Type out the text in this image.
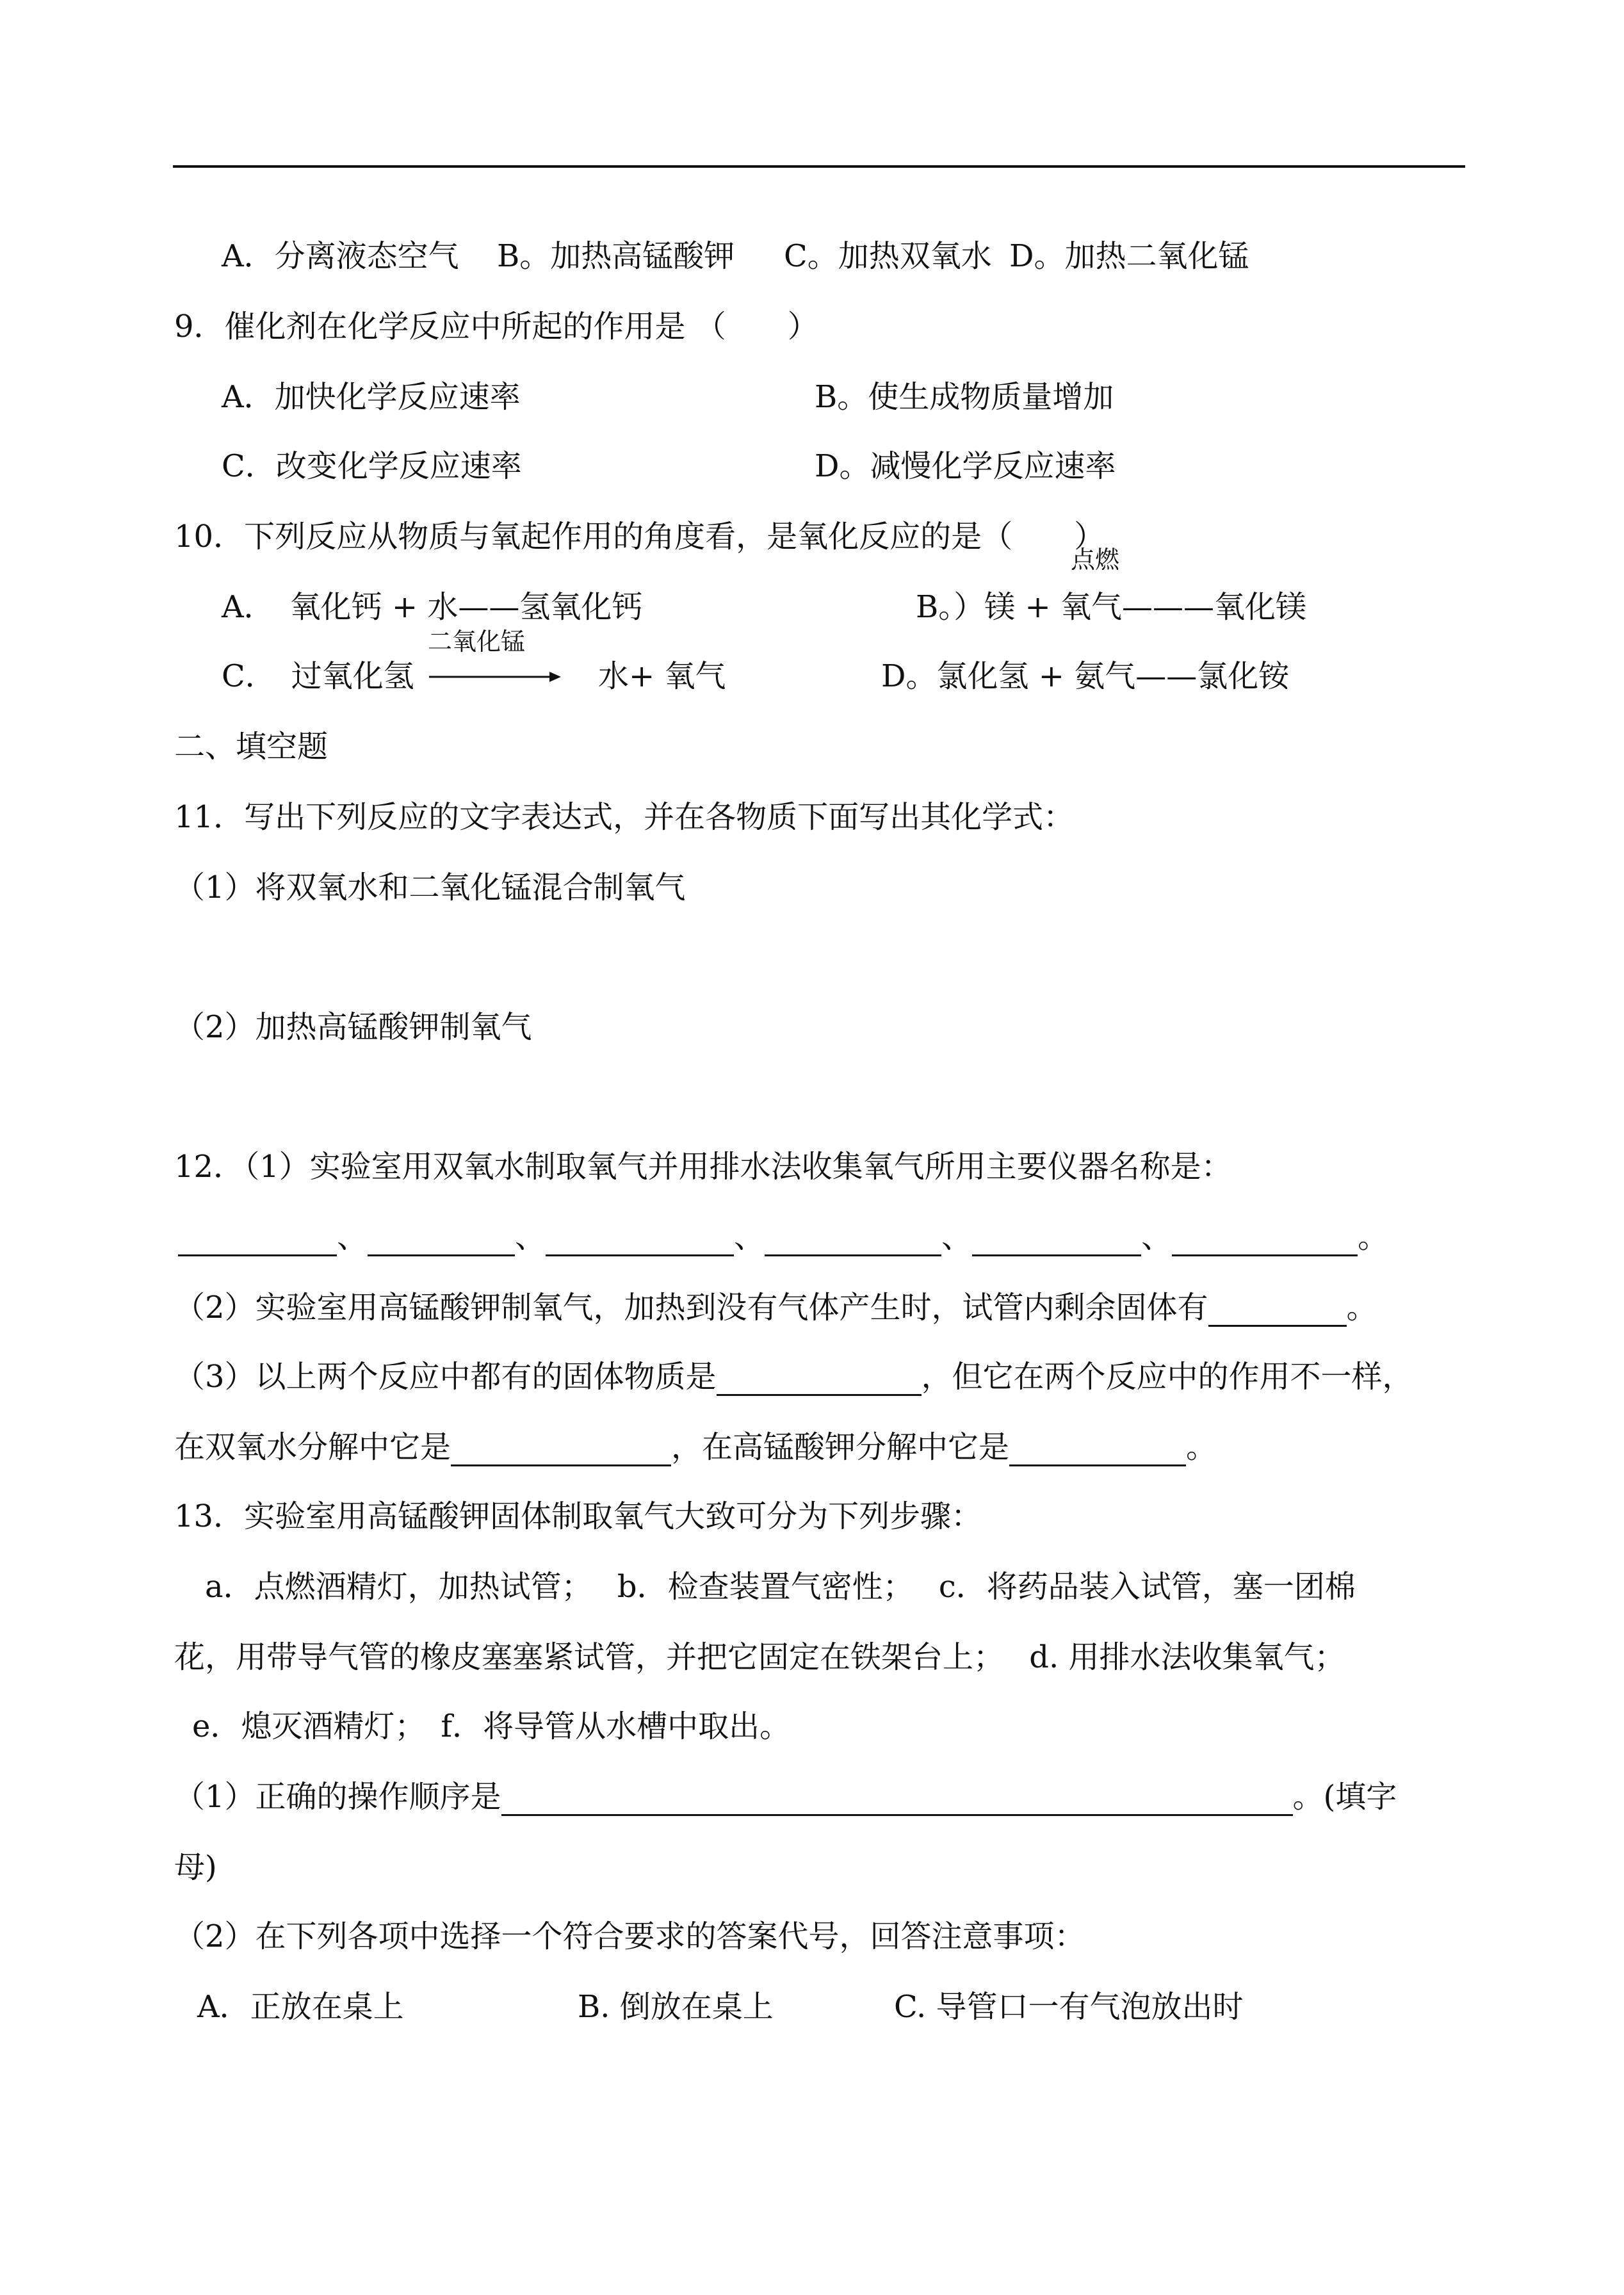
A．分离液态空气 B。加热高锰酸钾 C。加热双氧水 D。加热二氧化锰
9．催化剂在化学反应中所起的作用是 （　　）
A．加快化学反应速率	B。使生成物质量增加
C．改变化学反应速率	D。减慢化学反应速率
10．下列反应从物质与氧起作用的角度看，是氧化反应的是（　　）
A．　氧化钙 + 水——氢氧化钙
点燃
B。）镁 + 氧气———氧化镁
二氧化锰
C．　过氧化氢	水+ 氧气	D。氯化氢 + 氨气——氯化铵
二、填空题
11．写出下列反应的文字表达式，并在各物质下面写出其化学式：
（1）将双氧水和二氧化锰混合制氧气
（2）加热高锰酸钾制氧气
12．（1）实验室用双氧水制取氧气并用排水法收集氧气所用主要仪器名称是：
、	、	、	、	、	。
（2）实验室用高锰酸钾制氧气，加热到没有气体产生时，试管内剩余固体有	。
（3）以上两个反应中都有的固体物质是	，但它在两个反应中的作用不一样，
在双氧水分解中它是	，在高锰酸钾分解中它是	。
13．实验室用高锰酸钾固体制取氧气大致可分为下列步骤：
a．点燃酒精灯，加热试管；　 b．检查装置气密性；　 c．将药品装入试管，塞一团棉
花，用带导气管的橡皮塞塞紧试管，并把它固定在铁架台上；　 d. 用排水法收集氧气；
e．熄灭酒精灯；　f．将导管从水槽中取出。
（1）正确的操作顺序是	。(填字
母)
（2）在下列各项中选择一个符合要求的答案代号，回答注意事项：
A．正放在桌上	B. 倒放在桌上	C. 导管口一有气泡放出时
